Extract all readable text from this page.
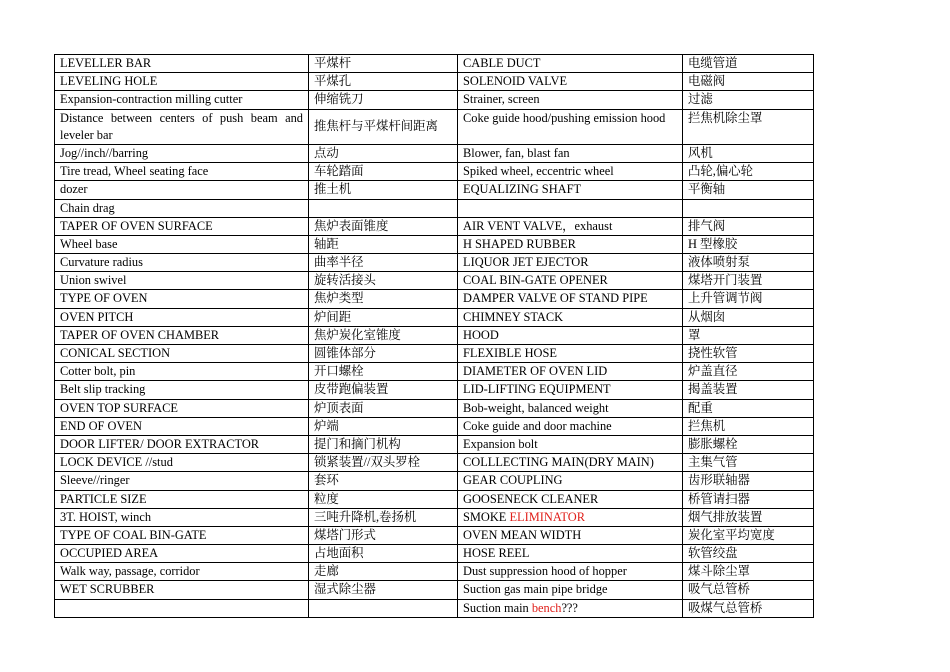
LEVELLER BAR	平煤杆	CABLE DUCT	电缆管道
LEVELING HOLE	平煤孔	SOLENOID VALVE	电磁阀
Expansion-contraction milling cutter	伸缩铣刀	Strainer, screen	过滤
Distance between centers of push beam and leveler bar	推焦杆与平煤杆间距离	Coke guide hood/pushing emission hood	拦焦机除尘罩
Jog//inch//barring	点动	Blower, fan, blast fan	风机
Tire tread, Wheel seating face	车轮踏面	Spiked wheel, eccentric wheel	凸轮,偏心轮
dozer	推土机	EQUALIZING SHAFT	平衡轴
Chain drag			
TAPER OF OVEN SURFACE	焦炉表面锥度	AIR VENT VALVE，exhaust	排气阀
Wheel base	轴距	H SHAPED RUBBER	H 型橡胶
Curvature radius	曲率半径	LIQUOR JET EJECTOR	液体喷射泵
Union swivel	旋转活接头	COAL BIN-GATE OPENER	煤塔开门装置
TYPE OF OVEN	焦炉类型	DAMPER VALVE OF STAND PIPE	上升管调节阀
OVEN PITCH	炉间距	CHIMNEY STACK	从烟囱
TAPER OF OVEN CHAMBER	焦炉炭化室锥度	HOOD	罩
CONICAL SECTION	圆锥体部分	FLEXIBLE HOSE	挠性软管
Cotter bolt, pin	开口螺栓	DIAMETER OF OVEN LID	炉盖直径
Belt slip tracking	皮带跑偏装置	LID-LIFTING EQUIPMENT	揭盖装置
OVEN TOP SURFACE	炉顶表面	Bob-weight, balanced weight	配重
END OF OVEN	炉端	Coke guide and door machine	拦焦机
DOOR LIFTER/ DOOR EXTRACTOR	提门和摘门机构	Expansion bolt	膨胀螺栓
LOCK DEVICE //stud	锁紧装置//双头罗栓	COLLLECTING MAIN(DRY MAIN)	主集气管
Sleeve//ringer	套环	GEAR COUPLING	齿形联轴器
PARTICLE SIZE	粒度	GOOSENECK CLEANER	桥管请扫器
3T. HOIST, winch	三吨升降机,卷扬机	SMOKE ELIMINATOR	烟气排放装置
TYPE OF COAL BIN-GATE	煤塔门形式	OVEN MEAN WIDTH	炭化室平均宽度
OCCUPIED AREA	占地面积	HOSE REEL	软管绞盘
Walk way, passage, corridor	走廊	Dust suppression hood of hopper	煤斗除尘罩
WET SCRUBBER	湿式除尘器	Suction gas main pipe bridge	吸气总管桥
		Suction main bench???	吸煤气总管桥
